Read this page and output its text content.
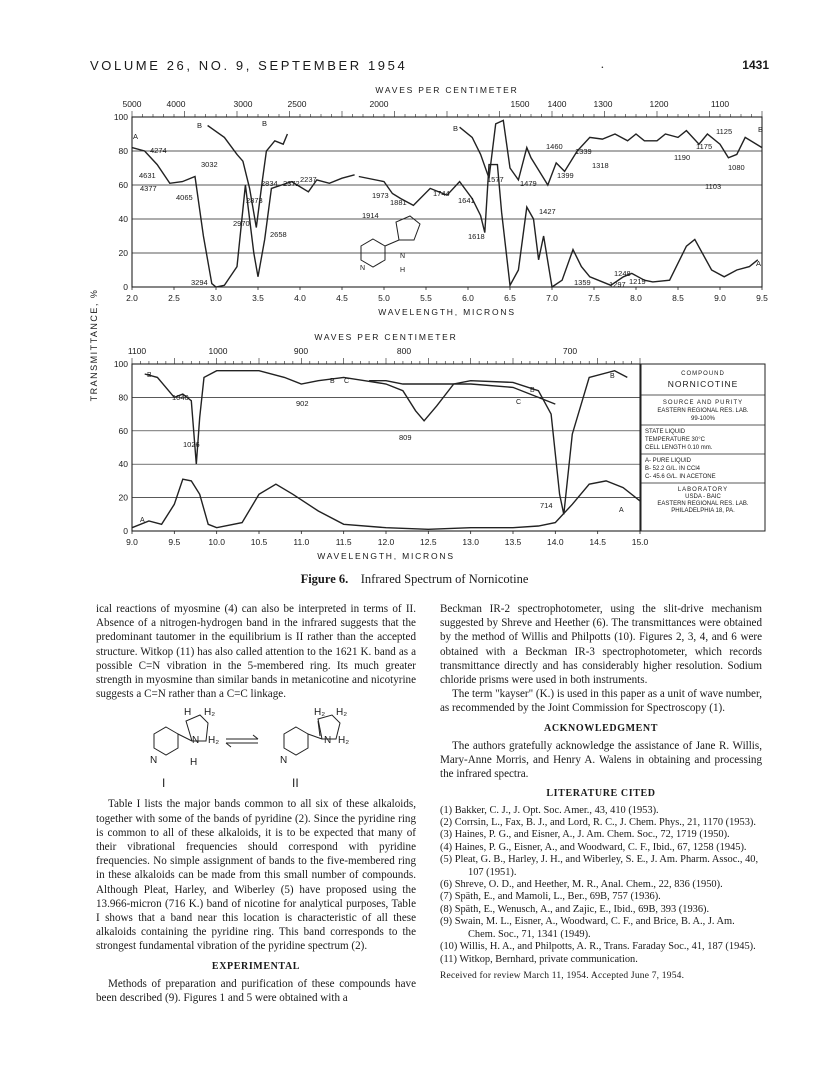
VOLUME 26, NO. 9, SEPTEMBER 1954	.	1431
TRANSMITTANCE, %
100
80
60
40
20
0
2.0	2.5	3.0	3.5	4.0	4.5	5.0	5.5	6.0	6.5	7.0	7.5	8.0	8.5	9.0	9.5
5000	4000	3000	2500	2000	1500 1400	1300	1200	1100
WAVES PER CENTIMETER
WAVELENGTH, MICRONS
100
80
60
40
20
0
9.0	9.5	10.0	10.5	11.0	11.5	12.0	12.5	13.0	13.5	14.0	14.5	15.0
1100	1000	900	800	700
WAVES PER CENTIMETER
WAVELENGTH, MICRONS
4274
4631
4377
4065
3032
3294
2970
2873
2834
2658
2372 2237
1973
1881
1914
1744
1641
1618
1577 1479
1460
1427
1399
1339
1318
1359 1297
1248
1219
1190
1175
1125
1103
1080
A
B	B
B	B
A
1040
1026
902
809
714
B
B C
B
C
B
A
A
N
N
H
COMPOUND
NORNICOTINE
SOURCE AND PURITY
EASTERN REGIONAL RES. LAB.
99-100%
STATE LIQUID
TEMPERATURE 30°C
CELL LENGTH 0.10 mm.
A- PURE LIQUID
B- 52.2 G/L. IN CCl4
C- 45.6 G/L. IN ACETONE
LABORATORY
USDA - BAIC
EASTERN REGIONAL RES. LAB.
PHILADELPHIA 18, PA.
Figure 6. Infrared Spectrum of Nornicotine

ical reactions of myosmine (4) can also be interpreted in terms of II. Absence of a nitrogen-hydrogen band in the infrared suggests that the predominant tautomer in the equilibrium is II rather than the accepted structure. Witkop (11) has also called attention to the 1621 K. band as a possible C=N vibration in the 5-membered ring. Its much greater strength in myosmine than similar bands in metanicotine and nicotyrine suggests a C=N rather than a C=C linkage.

H H₂
N H₂
H
N
H₂ H₂
N H₂
N
I	II

Table I lists the major bands common to all six of these alkaloids, together with some of the bands of pyridine (2). Since the pyridine ring is common to all of these alkaloids, it is to be expected that many of their vibrational frequencies should correspond with pyridine frequencies. No simple assignment of bands to the five-membered ring in these alkaloids can be made from this small number of compounds. Although Pleat, Harley, and Wiberley (5) have proposed using the 13.966-micron (716 K.) band of nicotine for analytical purposes, Table I shows that a band near this location is characteristic of all these alkaloids containing the pyridine ring. This band corresponds to the strongest fundamental vibration of the pyridine spectrum (2).

EXPERIMENTAL

Methods of preparation and purification of these compounds have been described (9). Figures 1 and 5 were obtained with a

Beckman IR-2 spectrophotometer, using the slit-drive mechanism suggested by Shreve and Heether (6). The transmittances were obtained by the method of Willis and Philpotts (10). Figures 2, 3, 4, and 6 were obtained with a Beckman IR-3 spectrophotometer, which records transmittance directly and has considerably higher resolution. Sodium chloride prisms were used in both instruments.

The term "kayser" (K.) is used in this paper as a unit of wave number, as recommended by the Joint Commission for Spectroscopy (1).

ACKNOWLEDGMENT

The authors gratefully acknowledge the assistance of Jane R. Willis, Mary-Anne Morris, and Henry A. Walens in obtaining and processing the infrared spectra.

LITERATURE CITED
(1) Bakker, C. J., J. Opt. Soc. Amer., 43, 410 (1953).
(2) Corrsin, L., Fax, B. J., and Lord, R. C., J. Chem. Phys., 21, 1170 (1953).
(3) Haines, P. G., and Eisner, A., J. Am. Chem. Soc., 72, 1719 (1950).
(4) Haines, P. G., Eisner, A., and Woodward, C. F., Ibid., 67, 1258 (1945).
(5) Pleat, G. B., Harley, J. H., and Wiberley, S. E., J. Am. Pharm. Assoc., 40, 107 (1951).
(6) Shreve, O. D., and Heether, M. R., Anal. Chem., 22, 836 (1950).
(7) Späth, E., and Mamoli, L., Ber., 69B, 757 (1936).
(8) Späth, E., Wenusch, A., and Zajic, E., Ibid., 69B, 393 (1936).
(9) Swain, M. L., Eisner, A., Woodward, C. F., and Brice, B. A., J. Am. Chem. Soc., 71, 1341 (1949).
(10) Willis, H. A., and Philpotts, A. R., Trans. Faraday Soc., 41, 187 (1945).
(11) Witkop, Bernhard, private communication.
Received for review March 11, 1954. Accepted June 7, 1954.
